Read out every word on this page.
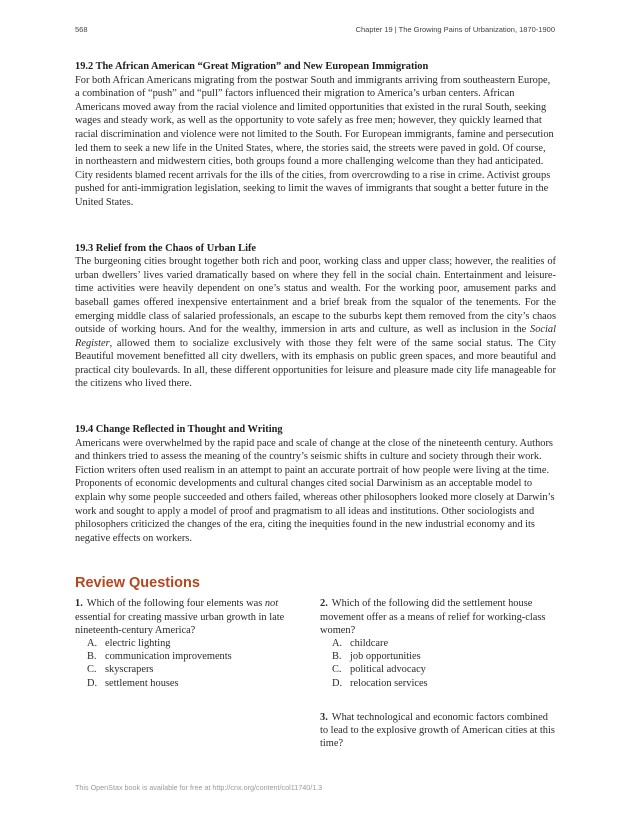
568	Chapter 19 | The Growing Pains of Urbanization, 1870-1900

19.2 The African American “Great Migration” and New European Immigration

For both African Americans migrating from the postwar South and immigrants arriving from southeastern Europe, a combination of “push” and “pull” factors influenced their migration to America’s urban centers. African Americans moved away from the racial violence and limited opportunities that existed in the rural South, seeking wages and steady work, as well as the opportunity to vote safely as free men; however, they quickly learned that racial discrimination and violence were not limited to the South. For European immigrants, famine and persecution led them to seek a new life in the United States, where, the stories said, the streets were paved in gold. Of course, in northeastern and midwestern cities, both groups found a more challenging welcome than they had anticipated. City residents blamed recent arrivals for the ills of the cities, from overcrowding to a rise in crime. Activist groups pushed for anti-immigration legislation, seeking to limit the waves of immigrants that sought a better future in the United States.

19.3 Relief from the Chaos of Urban Life

The burgeoning cities brought together both rich and poor, working class and upper class; however, the realities of urban dwellers’ lives varied dramatically based on where they fell in the social chain. Entertainment and leisure-time activities were heavily dependent on one’s status and wealth. For the working poor, amusement parks and baseball games offered inexpensive entertainment and a brief break from the squalor of the tenements. For the emerging middle class of salaried professionals, an escape to the suburbs kept them removed from the city’s chaos outside of working hours. And for the wealthy, immersion in arts and culture, as well as inclusion in the Social Register, allowed them to socialize exclusively with those they felt were of the same social status. The City Beautiful movement benefitted all city dwellers, with its emphasis on public green spaces, and more beautiful and practical city boulevards. In all, these different opportunities for leisure and pleasure made city life manageable for the citizens who lived there.

19.4 Change Reflected in Thought and Writing

Americans were overwhelmed by the rapid pace and scale of change at the close of the nineteenth century. Authors and thinkers tried to assess the meaning of the country’s seismic shifts in culture and society through their work. Fiction writers often used realism in an attempt to paint an accurate portrait of how people were living at the time. Proponents of economic developments and cultural changes cited social Darwinism as an acceptable model to explain why some people succeeded and others failed, whereas other philosophers looked more closely at Darwin’s work and sought to apply a model of proof and pragmatism to all ideas and institutions. Other sociologists and philosophers criticized the changes of the era, citing the inequities found in the new industrial economy and its negative effects on workers.

Review Questions

1. Which of the following four elements was not essential for creating massive urban growth in late nineteenth-century America?

A. electric lighting
B. communication improvements
C. skyscrapers
D. settlement houses

2. Which of the following did the settlement house movement offer as a means of relief for working-class women?

A. childcare
B. job opportunities
C. political advocacy
D. relocation services

3. What technological and economic factors combined to lead to the explosive growth of American cities at this time?

This OpenStax book is available for free at http://cnx.org/content/col11740/1.3
